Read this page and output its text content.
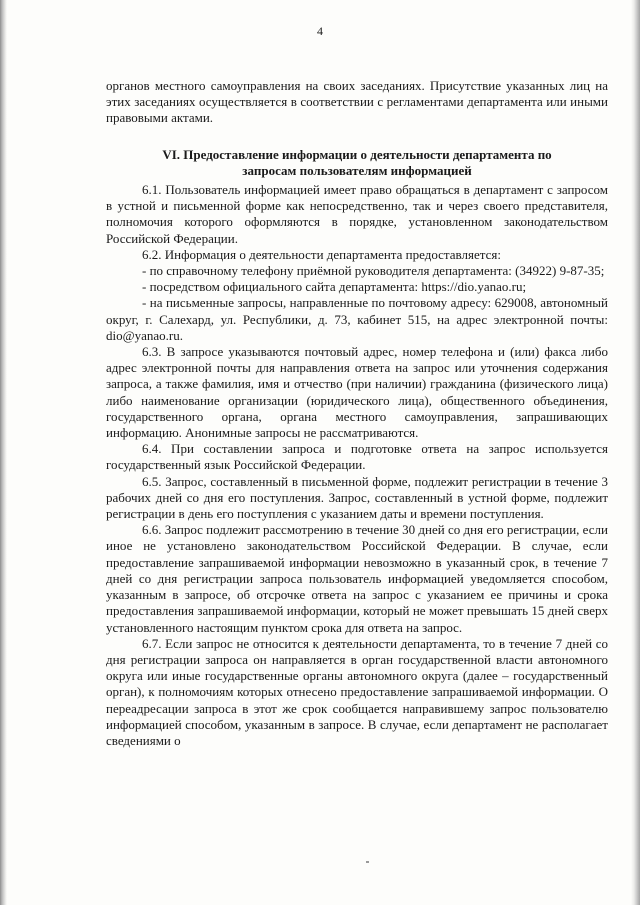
4

органов местного самоуправления на своих заседаниях. Присутствие указанных лиц на этих заседаниях осуществляется в соответствии с регламентами департамента или иными правовыми актами.

VI. Предоставление информации о деятельности департамента по
запросам пользователям информацией

6.1. Пользователь информацией имеет право обращаться в департамент с запросом в устной и письменной форме как непосредственно, так и через своего представителя, полномочия которого оформляются в порядке, установленном законодательством Российской Федерации.

6.2. Информация о деятельности департамента предоставляется:

- по справочному телефону приёмной руководителя департамента: (34922) 9-87-35;

- посредством официального сайта департамента: https://dio.yanao.ru;

- на письменные запросы, направленные по почтовому адресу: 629008, автономный округ, г. Салехард, ул. Республики, д. 73, кабинет 515, на адрес электронной почты: dio@yanao.ru.

6.3. В запросе указываются почтовый адрес, номер телефона и (или) факса либо адрес электронной почты для направления ответа на запрос или уточнения содержания запроса, а также фамилия, имя и отчество (при наличии) гражданина (физического лица) либо наименование организации (юридического лица), общественного объединения, государственного органа, органа местного самоуправления, запрашивающих информацию. Анонимные запросы не рассматриваются.

6.4. При составлении запроса и подготовке ответа на запрос используется государственный язык Российской Федерации.

6.5. Запрос, составленный в письменной форме, подлежит регистрации в течение 3 рабочих дней со дня его поступления. Запрос, составленный в устной форме, подлежит регистрации в день его поступления с указанием даты и времени поступления.

6.6. Запрос подлежит рассмотрению в течение 30 дней со дня его регистрации, если иное не установлено законодательством Российской Федерации. В случае, если предоставление запрашиваемой информации невозможно в указанный срок, в течение 7 дней со дня регистрации запроса пользователь информацией уведомляется способом, указанным в запросе, об отсрочке ответа на запрос с указанием ее причины и срока предоставления запрашиваемой информации, который не может превышать 15 дней сверх установленного настоящим пунктом срока для ответа на запрос.

6.7. Если запрос не относится к деятельности департамента, то в течение 7 дней со дня регистрации запроса он направляется в орган государственной власти автономного округа или иные государственные органы автономного округа (далее – государственный орган), к полномочиям которых отнесено предоставление запрашиваемой информации. О переадресации запроса в этот же срок сообщается направившему запрос пользователю информацией способом, указанным в запросе. В случае, если департамент не располагает сведениями о
